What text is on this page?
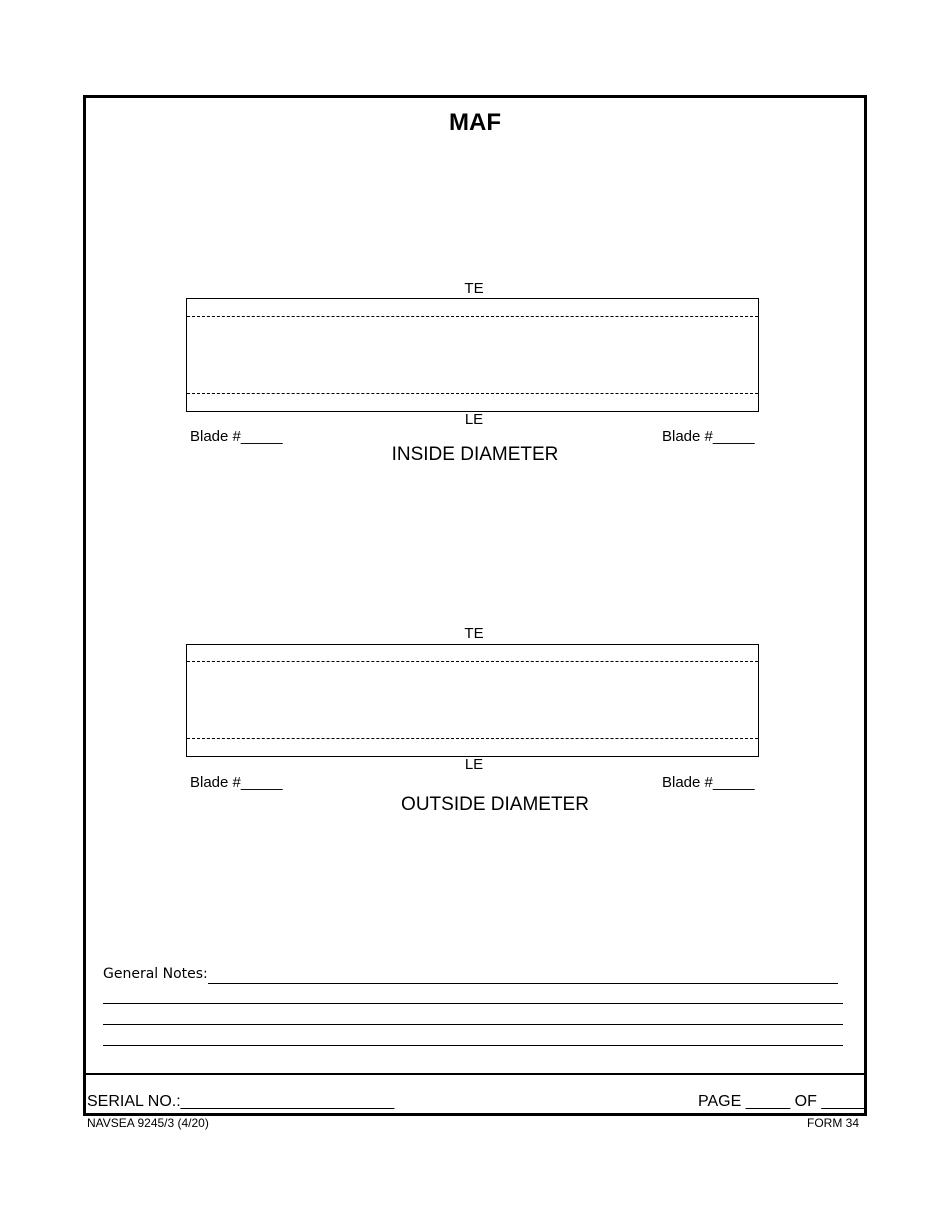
MAF
TE
LE
Blade #_____	Blade #_____
INSIDE DIAMETER
TE
LE
Blade #_____	Blade #_____
OUTSIDE DIAMETER
General Notes:
SERIAL NO.:________________________	PAGE _____ OF _____
NAVSEA 9245/3 (4/20)	FORM 34
